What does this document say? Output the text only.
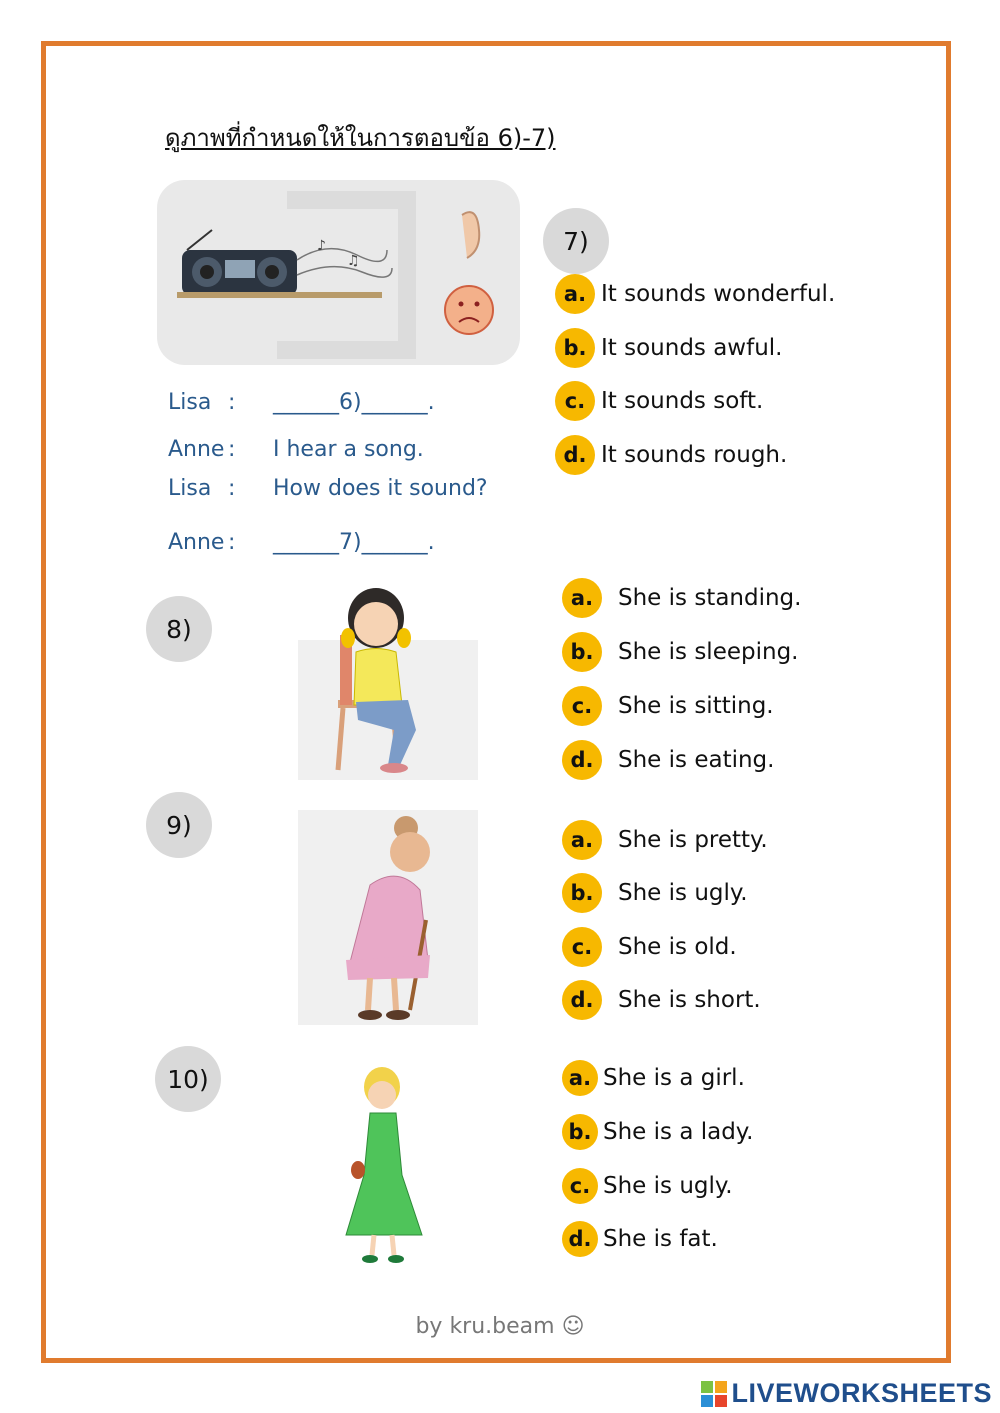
ดูภาพที่กำหนดให้ในการตอบข้อ 6)-7)
♪
♫
Lisa : ______6)______.
Anne : I hear a song.
Lisa : How does it sound?
Anne : ______7)______.
7)
a. It sounds wonderful.
b. It sounds awful.
c. It sounds soft.
d. It sounds rough.
8)
a.	She is standing.
b.	She is sleeping.
c.	She is sitting.
d.	She is eating.
9)
a.	She is pretty.
b.	She is ugly.
c.	She is old.
d.	She is short.
10)	a. She is a girl.
b. She is a lady.
c. She is ugly.
d. She is fat.
by kru.beam ☺
LIVEWORKSHEETS
